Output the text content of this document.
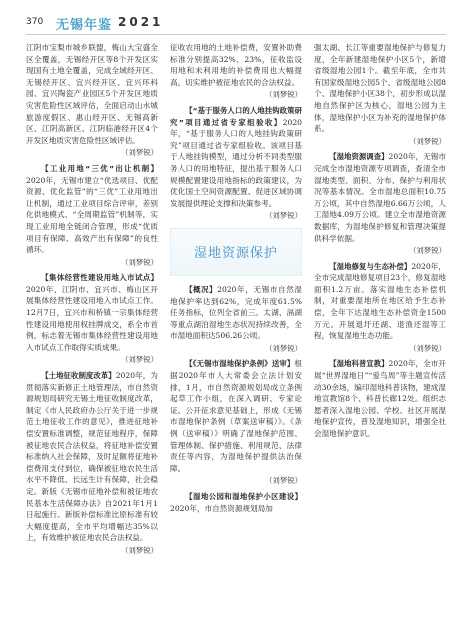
370 无锡年鉴 2021

江阴市宝梨市城乡联盟，梅山大宝盛全区全覆盖，无锡经开区等8个开发区实现国有土地全覆盖，完成全域经开区、无锡经开区、宜兴经开区、宜兴环科园、宜兴陶瓷产业园区5个开发区地质灾害危险性区域评估，全面启动山水城旅游度假区、惠山经开区、无锡高新区、江阴高新区、江阴临港经开区4个开发区地质灾害危险性区域评估。

（刘梦锐）

【工业用地“三优”出让机制】2020年，无锡市建立“优选项目、优配资源、优化监管”的“三优”工业用地出让机制，通过工业项目综合评审，差别化供地模式、“全周期监管”机制等，实现工业用地全链闭合管理，形成“优质项目有保障、高效产出有保障”的良性循环。

（刘梦锐）

【集体经营性建设用地入市试点】2020年，江阴市、宜兴市、梅山区开展集体经营性建设用地入市试点工作。12月7日，宜兴市和桥镇一宗集体经营性建设用地使用权挂牌成交，系全市首例，标志着无锡市集体经营性建设用地入市试点工作取得实质成果。

（刘梦锐）

【土地征收制度改革】2020年，为贯彻落实新修正土地管理法，市自然资源规划局研究无锡土地征收制度改革，制定《市人民政府办公厅关于进一步规范土地征收工作的意见》，推进征地补偿安置标准调整，规范征地程序，保障被征地农民合法权益，将征地补偿安置标准纳入社会保障，及时足额将征地补偿费用支付到位，确保被征地农民生活水平不降低、长远生计有保障，社会稳定。新版《无锡市征地补偿和被征地农民基本生活保障办法》自2021年1月1日起施行。新版补偿标准比原标准有较大幅度提高，全市平均增幅达35%以上，有效维护被征地农民合法权益。

（刘梦锐）

征收农用地的土地补偿费，安置补助费标准分别提高32%、23%，征收监设用地和未利用地的补偿费用也大幅提高，切实维护被征地农民的合法权益。

（刘梦锐）

【“基于服务人口的人地挂钩政策研究”项目通过省专家组验收】2020年，“基于服务人口的人地挂钩政策研究”项目通过省专家组验收。该项目基于人地挂钩模型，通过分析不同类型服务人口的用地特征，提出基于服务人口规模配置建设用地指标的政策建议，为优化国土空间资源配置、促进区域协调发展提供理论支撑和决策参考。

（刘梦锐）
湿地资源保护

【概况】2020年，无锡市自然湿地保护率达到62%，完成年度61.5%任务指标，位列全省前三。太湖、滆湖等重点湖泊湿地生态状况持续改善，全市湿地面积达506.26公顷。

（刘梦锐）

【《无锡市湿地保护条例》送审】根据2020年市人大常委会立法计划安排，1月，市自然资源规划局成立条例起草工作小组，在深入调研、专家论证、公开征求意见基础上，形成《无锡市湿地保护条例（草案送审稿）》。《条例（送审稿）》明确了湿地保护范围、管理体制、保护措施、利用规范、法律责任等内容，为湿地保护提供法治保障。

（刘梦锐）

【湿地公园和湿地保护小区建设】2020年，市自然资源规划局加

强太湖、长江等重要湿地保护与修复力度，全年新建湿地保护小区5个，新增省级湿地公园1个。截至年底，全市共有国家级湿地公园5个、省级湿地公园8个、湿地保护小区38个，初步形成以湿地自然保护区为核心，湿地公园为主体，湿地保护小区为补充的湿地保护体系。

（刘梦锐）

【湿地资源调查】2020年，无锡市完成全市湿地资源专项调查，查清全市湿地类型、面积、分布、保护与利用状况等基本情况。全市湿地总面积10.75万公顷，其中自然湿地6.66万公顷，人工湿地4.09万公顷。建立全市湿地资源数据库，为湿地保护修复和管理决策提供科学依据。

（刘梦锐）

【湿地修复与生态补偿】2020年，全市完成湿地修复项目23个，修复湿地面积1.2万亩。落实湿地生态补偿机制，对重要湿地所在地区给予生态补偿，全年下达湿地生态补偿资金1500万元。开展退圩还湖、退渔还湿等工程，恢复湿地生态功能。

（刘梦锐）

【湿地科普宣教】2020年，全市开展“世界湿地日”“爱鸟周”等主题宣传活动30余场，编印湿地科普读物，建成湿地宣教馆8个、科普长廊12处。组织志愿者深入湿地公园、学校、社区开展湿地保护宣传，普及湿地知识，增强全社会湿地保护意识。
